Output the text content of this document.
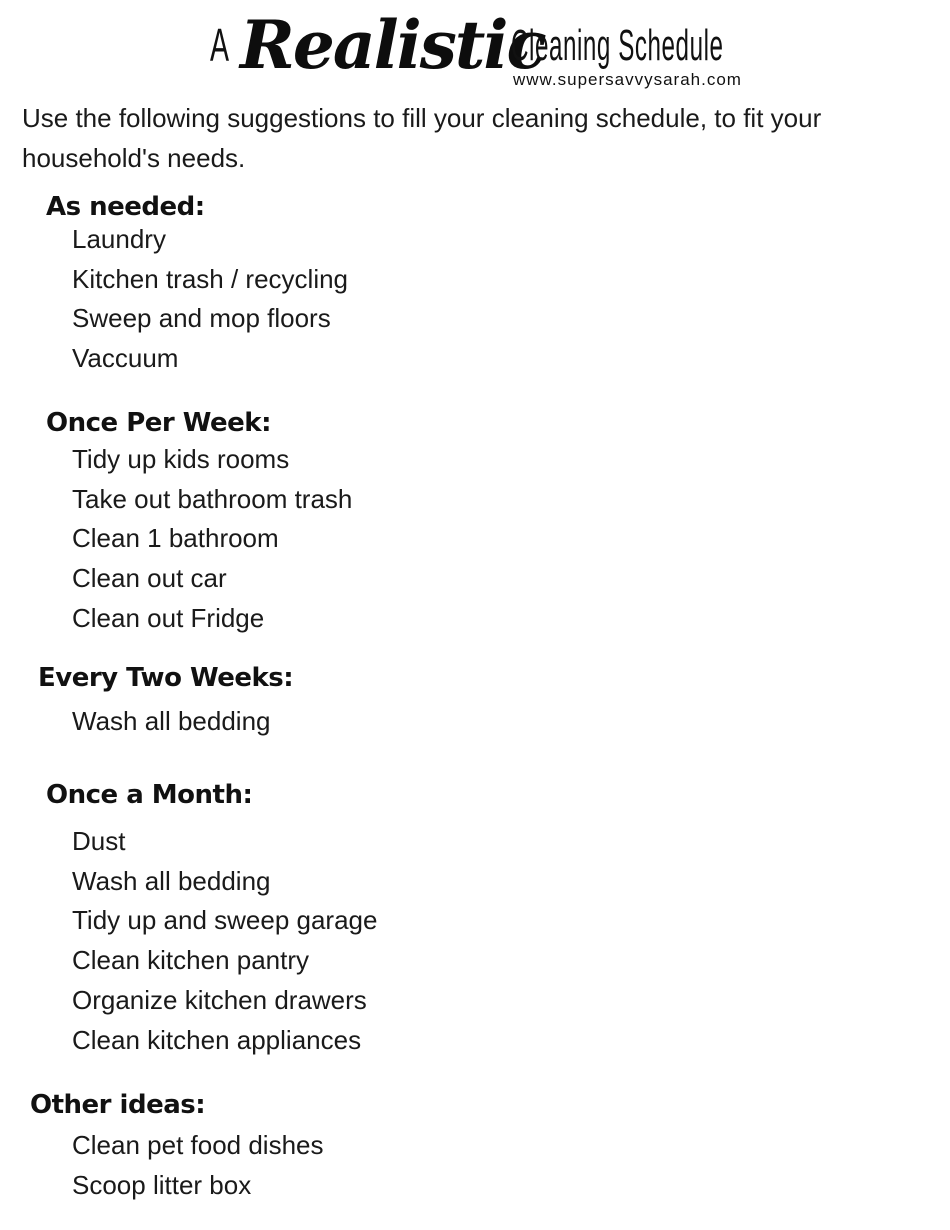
A Realistic
Cleaning Schedule
www.supersavvysarah.com

Use the following suggestions to fill your cleaning schedule, to fit your household's needs.

As needed:
Laundry
Kitchen trash / recycling
Sweep and mop floors
Vaccuum
Once Per Week:
Tidy up kids rooms
Take out bathroom trash
Clean 1 bathroom
Clean out car
Clean out Fridge
Every Two Weeks:
Wash all bedding
Once a Month:
Dust
Wash all bedding
Tidy up and sweep garage
Clean kitchen pantry
Organize kitchen drawers
Clean kitchen appliances
Other ideas:
Clean pet food dishes
Scoop litter box
